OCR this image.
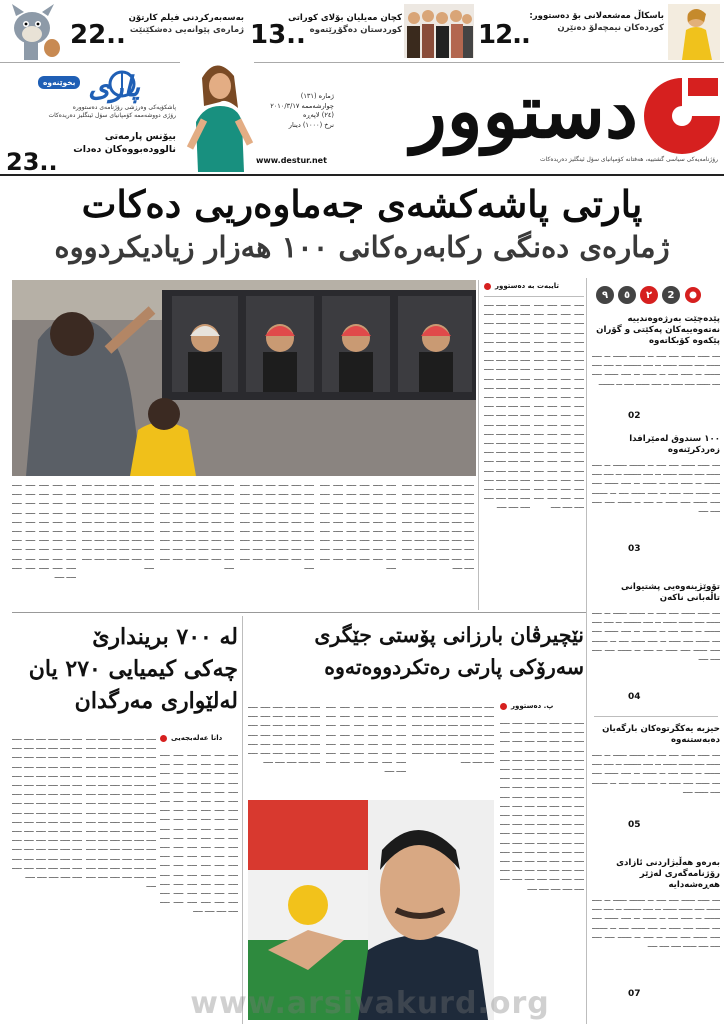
باسکاڵ مەشعەلانی بۆ دەستوور:
کوردەکان نیمچەلۆ دەنێرن
12..
کچان مەیلیان بۆلای کوراتی
کوردستان دەگۆڕێتەوە
13..
22..
بەسەبەرکردنی فیلم کارتۆن
ژمارەی پێوانەیی دەشکێنێت
دستوور
رۆژنامەیەکی سیاسی گشتییە، هەفتانە کۆمپانیای سۆل ئینگلیز دەریدەکات
ژمارە (١٣١)
چوارشەممە ٢٠١٠/٣/١٧
(٢٤) لاپەڕە
نرخ (١٠٠٠) دینار
www.destur.net
پاری
بخوێنەوە
پاشکۆیەکی وەرزشی رۆژنامەی دەستوورە
رۆژی دووشەممە کۆمپانیای سۆل ئینگلیز دەریدەکات
بیۆنس پارمەتی
نالوودەبووەکان دەدات
23..
پارتی پاشەکشەی جەماوەریی دەکات
ژمارەی دەنگی رکابەرەکانی ١٠٠ هەزار زیادیکردووە
٩	٥	٢	2
پێدەچێت بەرژەوەندییە نەتەوەییەکان پەکێتی و گۆران پێکەوە کۆبکاتەوە
ــــ ــــــ ـــــــ ـــــ ـــــ ـــ ــــــــ ـــــــ ـــ ـــــ ـــــــ ـــــ ـــــــ ـــــــ ـــ ـــــ ـــــــــ ـــ ـــــ ـــــ ــــــــ ـــ ــــــ ـــــ ـــ ـــــــ ـــ ـــــ ـــــــ ـــــ ــــ ـــــــ ـــــ ــــــ ـــ ـــــ ـــــــ ـــــ ـــ ــــــــ
02
١٠٠ سندوق لەمێرافدا زەردکرێنەوە
ــــ ــــــ ـــــــ ـــــ ـــــ ـــ ــــــــ ـــــــ ـــ ـــــ ـــــــ ـــــ ـــــــ ـــــــ ـــ ـــــ ـــــــــ ـــ ـــــ ـــــ ــــــــ ـــ ــــــ ـــــ ـــ ـــــــ ـــ ـــــ ـــــــ ـــــ ــــ ـــــــ ـــــ ــــــ ـــ ـــــ ـــــــ ـــــ ـــ ــــــــ ـــــ ـــــــ ـــــ ــــــ ـــ ـــــ ـــ ـــــــ ـــــ ـــــ ـــــ ـــــ
03
تۆوێژینەوەیی پشتیوانی تاڵەبانی ناکەن
ــــ ــــــ ـــــــ ـــــ ـــــ ـــ ــــــــ ـــــــ ـــ ـــــ ـــــــ ـــــ ـــــــ ـــــــ ـــ ـــــ ـــــــــ ـــ ـــــ ـــــ ــــــــ ـــ ــــــ ـــــ ـــ ـــــــ ـــ ـــــ ـــــــ ـــــ ــــ ـــــــ ـــــ ــــــ ـــ ـــــ ـــــــ ـــــ ـــ ــــــــ ـــــ ـــــــ ـــــ ــــــ ـــ ـــــ ـــ ـــــــ ـــــ ـــــ ـــــ ـــــ
04
حیزبە یەکگرتوەکان بارگەیان دەبەستنەوە
ــــ ــــــ ـــــــ ـــــ ـــــ ـــ ــــــــ ـــــــ ـــ ـــــ ـــــــ ـــــ ـــــــ ـــــــ ـــ ـــــ ـــــــــ ـــ ـــــ ـــــ ــــــــ ـــ ــــــ ـــــ ـــ ـــــــ ـــ ـــــ ـــــــ ـــــ ــــ ـــــــ ـــــ ــــــ ـــ ـــــ ـــــــ ـــــ ـــ ــــــــ ـــــ ـــــــ ـــــ
05
بەرەو هەڵبژاردنی ئازادی رۆژنامەگەری لەژێر هەڕەشەدایە
ــــ ــــــ ـــــــ ـــــ ـــــ ـــ ــــــــ ـــــــ ـــ ـــــ ـــــــ ـــــ ـــــــ ـــــــ ـــ ـــــ ـــــــــ ـــ ـــــ ـــــ ــــــــ ـــ ــــــ ـــــ ـــ ـــــــ ـــ ـــــ ـــــــ ـــــ ــــ ـــــــ ـــــ ــــــ ـــ ـــــ ـــــــ ـــــ ـــ ــــــــ ـــــ ـــــــ ـــــ ــــــ ـــ ـــــ ـــ ـــــــ ـــــ ـــــ ـــــ ـــــ ـــــــ ـــــ ـــــ ـــــ
07
تایبەت بە دەستوور
ـــــ ـــــ ـــــ ـــــ ـــــ ـــــ ـــــ ـــــ ـــــ ـــــ ـــــ ـــــ ـــــ ـــــ ـــــ ـــــ ـــــ ـــــ ـــــ ـــــ ـــــ ـــــ ـــــ ـــــ ـــــ ـــــ ـــــ ـــــ ـــــ ـــــ ـــــ ـــــ ـــــ ـــــ ـــــ ـــــ ـــــ ـــــ ـــــ ـــــ ـــــ ـــــ ـــــ ـــــ ـــــ ـــــ ـــــ ـــــ ـــــ ـــــ ـــــ ـــــ ـــــ ـــــ ـــــ ـــــ ـــــ ـــــ ـــــ ـــــ ـــــ ـــــ ـــــ ـــــ ـــــ ـــــ ـــــ ـــــ ـــــ ـــــ ـــــ ـــــ ـــــ ـــــ ـــــ ـــــ ـــــ ـــــ ـــــ ـــــ ـــــ ـــــ ـــــ ـــــ ـــــ ـــــ ـــــ ـــــ ـــــ ـــــ ـــــ
ـــــ ـــــ ـــــ ـــــ ـــــ ـــــ ـــــ ـــــ ـــــ ـــــ ـــــ ـــــ ـــــ ـــــ ـــــ ـــــ ـــــ ـــــ ـــــ ـــــ ـــــ ـــــ ـــــ ـــــ ـــــ ـــــ ـــــ ـــــ ـــــ ـــــ ـــــ ـــــ ـــــ ـــــ ـــــ ـــــ ـــــ ـــــ ـــــ ـــــ ـــــ ـــــ ـــــ ـــــ ـــــ ـــــ ـــــ ـــــ ـــــ ـــــ ـــــ ـــــ ـــــ ـــــ ـــــ ـــــ ـــــ ـــــ ـــــ ـــــ ـــــ ـــــ ـــــ ـــــ ـــــ ـــــ ـــــ ـــــ ـــــ ـــــ ـــــ ـــــ ـــــ ـــــ ـــــ ـــــ ـــــ ـــــ ـــــ ـــــ ـــــ ـــــ ـــــ ـــــ ـــــ ـــــ ـــــ ـــــ ـــــ ـــــ ـــــ
ـــــ ـــــ ـــــ ـــــ ـــــ ـــــ ـــــ ـــــ ـــــ ـــــ ـــــ ـــــ ـــــ ـــــ ـــــ ـــــ ـــــ ـــــ ـــــ ـــــ ـــــ ـــــ ـــــ ـــــ ـــــ ـــــ ـــــ ـــــ ـــــ ـــــ ـــــ ـــــ ـــــ ـــــ ـــــ ـــــ ـــــ ـــــ ـــــ ـــــ ـــــ ـــــ ـــــ ـــــ ـــــ ـــــ ـــــ ـــــ ـــــ ـــــ ـــــ ـــــ ـــــ ـــــ ـــــ ـــــ
ـــــ ـــــ ـــــ ـــــ ـــــ ـــــ ـــــ ـــــ ـــــ ـــــ ـــــ ـــــ ـــــ ـــــ ـــــ ـــــ ـــــ ـــــ ـــــ ـــــ ـــــ ـــــ ـــــ ـــــ ـــــ ـــــ ـــــ ـــــ ـــــ ـــــ ـــــ ـــــ ـــــ ـــــ ـــــ ـــــ ـــــ ـــــ ـــــ ـــــ ـــــ ـــــ ـــــ ـــــ ـــــ ـــــ ـــــ ـــــ ـــــ ـــــ ـــــ ـــــ ـــــ ـــــ ـــــ
ـــــ ـــــ ـــــ ـــــ ـــــ ـــــ ـــــ ـــــ ـــــ ـــــ ـــــ ـــــ ـــــ ـــــ ـــــ ـــــ ـــــ ـــــ ـــــ ـــــ ـــــ ـــــ ـــــ ـــــ ـــــ ـــــ ـــــ ـــــ ـــــ ـــــ ـــــ ـــــ ـــــ ـــــ ـــــ ـــــ ـــــ ـــــ ـــــ ـــــ ـــــ ـــــ ـــــ ـــــ ـــــ ـــــ ـــــ ـــــ ـــــ ـــــ ـــــ ـــــ ـــــ ـــــ ـــــ
ـــــ ـــــ ـــــ ـــــ ـــــ ـــــ ـــــ ـــــ ـــــ ـــــ ـــــ ـــــ ـــــ ـــــ ـــــ ـــــ ـــــ ـــــ ـــــ ـــــ ـــــ ـــــ ـــــ ـــــ ـــــ ـــــ ـــــ ـــــ ـــــ ـــــ ـــــ ـــــ ـــــ ـــــ ـــــ ـــــ ـــــ ـــــ ـــــ ـــــ ـــــ ـــــ ـــــ ـــــ ـــــ ـــــ ـــــ ـــــ ـــــ ـــــ ـــــ ـــــ ـــــ ـــــ ـــــ
ـــــ ـــــ ـــــ ـــــ ـــــ ـــــ ـــــ ـــــ ـــــ ـــــ ـــــ ـــــ ـــــ ـــــ ـــــ ـــــ ـــــ ـــــ ـــــ ـــــ ـــــ ـــــ ـــــ ـــــ ـــــ ـــــ ـــــ ـــــ ـــــ ـــــ ـــــ ـــــ ـــــ ـــــ ـــــ ـــــ ـــــ ـــــ ـــــ ـــــ ـــــ ـــــ ـــــ ـــــ ـــــ ـــــ ـــــ ـــــ ـــــ ـــــ ـــــ ـــــ ـــــ ـــــ ـــــ
ـــــ ـــــ ـــــ ـــــ ـــــ ـــــ ـــــ ـــــ ـــــ ـــــ ـــــ ـــــ ـــــ ـــــ ـــــ ـــــ ـــــ ـــــ ـــــ ـــــ ـــــ ـــــ ـــــ ـــــ ـــــ ـــــ ـــــ ـــــ ـــــ ـــــ ـــــ ـــــ ـــــ ـــــ ـــــ ـــــ ـــــ ـــــ ـــــ ـــــ ـــــ ـــــ ـــــ ـــــ ـــــ ـــــ ـــــ ـــــ ـــــ ـــــ ـــــ ـــــ
نێچیرڤان بارزانی پۆستی جێگری
سەرۆکی پارتی رەتکردووەتەوە
پ. دەستوور
ـــــ ـــــ ـــــ ـــــ ـــــ ـــــ ـــــ ـــــ ـــــ ـــــ ـــــ ـــــ ـــــ ـــــ ـــــ ـــــ ـــــ ـــــ ـــــ ـــــ ـــــ ـــــ ـــــ ـــــ ـــــ ـــــ ـــــ ـــــ ـــــ ـــــ ـــــ ـــــ ـــــ ـــــ ـــــ ـــــ ـــــ ـــــ ـــــ ـــــ ـــــ ـــــ ـــــ ـــــ ـــــ ـــــ ـــــ ـــــ ـــــ ـــــ ـــــ ـــــ ـــــ ـــــ ـــــ ـــــ ـــــ ـــــ ـــــ ـــــ ـــــ ـــــ ـــــ ـــــ ـــــ ـــــ ـــــ ـــــ ـــــ ـــــ ـــــ ـــــ ـــــ ـــــ ـــــ ـــــ ـــــ ـــــ ـــــ ـــــ ـــــ ـــــ ـــــ ـــــ ـــــ ـــــ ـــــ ـــــ ـــــ ـــــ ـــــ ـــــ ـــــ ـــــ ـــــ ـــــ ـــــ ـــــ ـــــ ـــــ ـــــ ـــــ ـــــ ـــــ ـــــ ـــــ ـــــ ـــــ ـــــ ـــــ ـــــ ـــــ ـــــ ـــــ ـــــ ـــــ ـــــ ـــــ ـــــ ـــــ ـــــ ـــــ ـــــ ـــــ ـــــ ـــــ ـــــ ـــــ ـــــ ـــــ ـــــ
ـــــ ـــــ ـــــ ـــــ ـــــ ـــــ ـــــ ـــــ ـــــ ـــــ ـــــ ـــــ ـــــ ـــــ ـــــ ـــــ ـــــ ـــــ ـــــ ـــــ ـــــ ـــــ ـــــ ـــــ ـــــ ـــــ ـــــ ـــــ ـــــ ـــــ ـــــ ـــــ ـــــ ـــــ ـــــ ـــــ ـــــ ـــــ ـــــ ـــــ ـــــ ـــــ ـــــ ـــــ ـــــ
ـــــ ـــــ ـــــ ـــــ ـــــ ـــــ ـــــ ـــــ ـــــ ـــــ ـــــ ـــــ ـــــ ـــــ ـــــ ـــــ ـــــ ـــــ ـــــ ـــــ ـــــ ـــــ ـــــ ـــــ ـــــ ـــــ ـــــ ـــــ ـــــ ـــــ ـــــ ـــــ ـــــ ـــــ ـــــ ـــــ ـــــ ـــــ ـــــ ـــــ ـــــ ـــــ ـــــ ـــــ
ـــــ ـــــ ـــــ ـــــ ـــــ ـــــ ـــــ ـــــ ـــــ ـــــ ـــــ ـــــ ـــــ ـــــ ـــــ ـــــ ـــــ ـــــ ـــــ ـــــ ـــــ ـــــ ـــــ ـــــ ـــــ ـــــ ـــــ ـــــ ـــــ ـــــ ـــــ ـــــ ـــــ ـــــ ـــــ ـــــ ـــــ ـــــ ـــــ ـــــ ـــــ
لە ٧٠٠ بریندارێ
چەکی کیمیایی ٢٧٠ یان
لەلێواری مەرگدان
دانا عەلەبجەیی
ـــــ ـــــ ـــــ ـــــ ـــــ ـــــ ـــــ ـــــ ـــــ ـــــ ـــــ ـــــ ـــــ ـــــ ـــــ ـــــ ـــــ ـــــ ـــــ ـــــ ـــــ ـــــ ـــــ ـــــ ـــــ ـــــ ـــــ ـــــ ـــــ ـــــ ـــــ ـــــ ـــــ ـــــ ـــــ ـــــ ـــــ ـــــ ـــــ ـــــ ـــــ ـــــ ـــــ ـــــ ـــــ ـــــ ـــــ ـــــ ـــــ ـــــ ـــــ ـــــ ـــــ ـــــ ـــــ ـــــ ـــــ ـــــ ـــــ ـــــ ـــــ ـــــ ـــــ ـــــ ـــــ ـــــ ـــــ ـــــ ـــــ ـــــ ـــــ ـــــ ـــــ ـــــ ـــــ ـــــ ـــــ ـــــ ـــــ ـــــ ـــــ ـــــ ـــــ ـــــ ـــــ ـــــ ـــــ ـــــ ـــــ ـــــ ـــــ ـــــ ـــــ ـــــ ـــــ ـــــ ـــــ ـــــ ـــــ ـــــ ـــــ ـــــ ـــــ ـــــ ـــــ ـــــ
ـــــ ـــــ ـــــ ـــــ ـــــ ـــــ ـــــ ـــــ ـــــ ـــــ ـــــ ـــــ ـــــ ـــــ ـــــ ـــــ ـــــ ـــــ ـــــ ـــــ ـــــ ـــــ ـــــ ـــــ ـــــ ـــــ ـــــ ـــــ ـــــ ـــــ ـــــ ـــــ ـــــ ـــــ ـــــ ـــــ ـــــ ـــــ ـــــ ـــــ ـــــ ـــــ ـــــ ـــــ ـــــ ـــــ ـــــ ـــــ ـــــ ـــــ ـــــ ـــــ ـــــ ـــــ ـــــ ـــــ ـــــ ـــــ ـــــ ـــــ ـــــ ـــــ ـــــ ـــــ ـــــ ـــــ ـــــ ـــــ ـــــ ـــــ ـــــ ـــــ ـــــ ـــــ ـــــ ـــــ ـــــ ـــــ ـــــ ـــــ ـــــ ـــــ ـــــ ـــــ ـــــ ـــــ ـــــ ـــــ ـــــ ـــــ ـــــ ـــــ ـــــ ـــــ ـــــ ـــــ ـــــ
ـــــ ـــــ ـــــ ـــــ ـــــ ـــــ ـــــ ـــــ ـــــ ـــــ ـــــ ـــــ ـــــ ـــــ ـــــ ـــــ ـــــ ـــــ ـــــ ـــــ ـــــ ـــــ ـــــ ـــــ ـــــ ـــــ ـــــ ـــــ ـــــ ـــــ ـــــ ـــــ ـــــ ـــــ ـــــ ـــــ ـــــ ـــــ ـــــ ـــــ ـــــ ـــــ ـــــ ـــــ ـــــ ـــــ ـــــ ـــــ ـــــ ـــــ ـــــ ـــــ ـــــ ـــــ ـــــ ـــــ ـــــ ـــــ ـــــ ـــــ ـــــ ـــــ ـــــ ـــــ ـــــ ـــــ ـــــ ـــــ ـــــ ـــــ ـــــ ـــــ ـــــ ـــــ ـــــ ـــــ ـــــ ـــــ ـــــ ـــــ ـــــ ـــــ ـــــ ـــــ ـــــ ـــــ ـــــ ـــــ ـــــ ـــــ ـــــ ـــــ ـــــ ـــــ ـــــ
www.arsivakurd.org
